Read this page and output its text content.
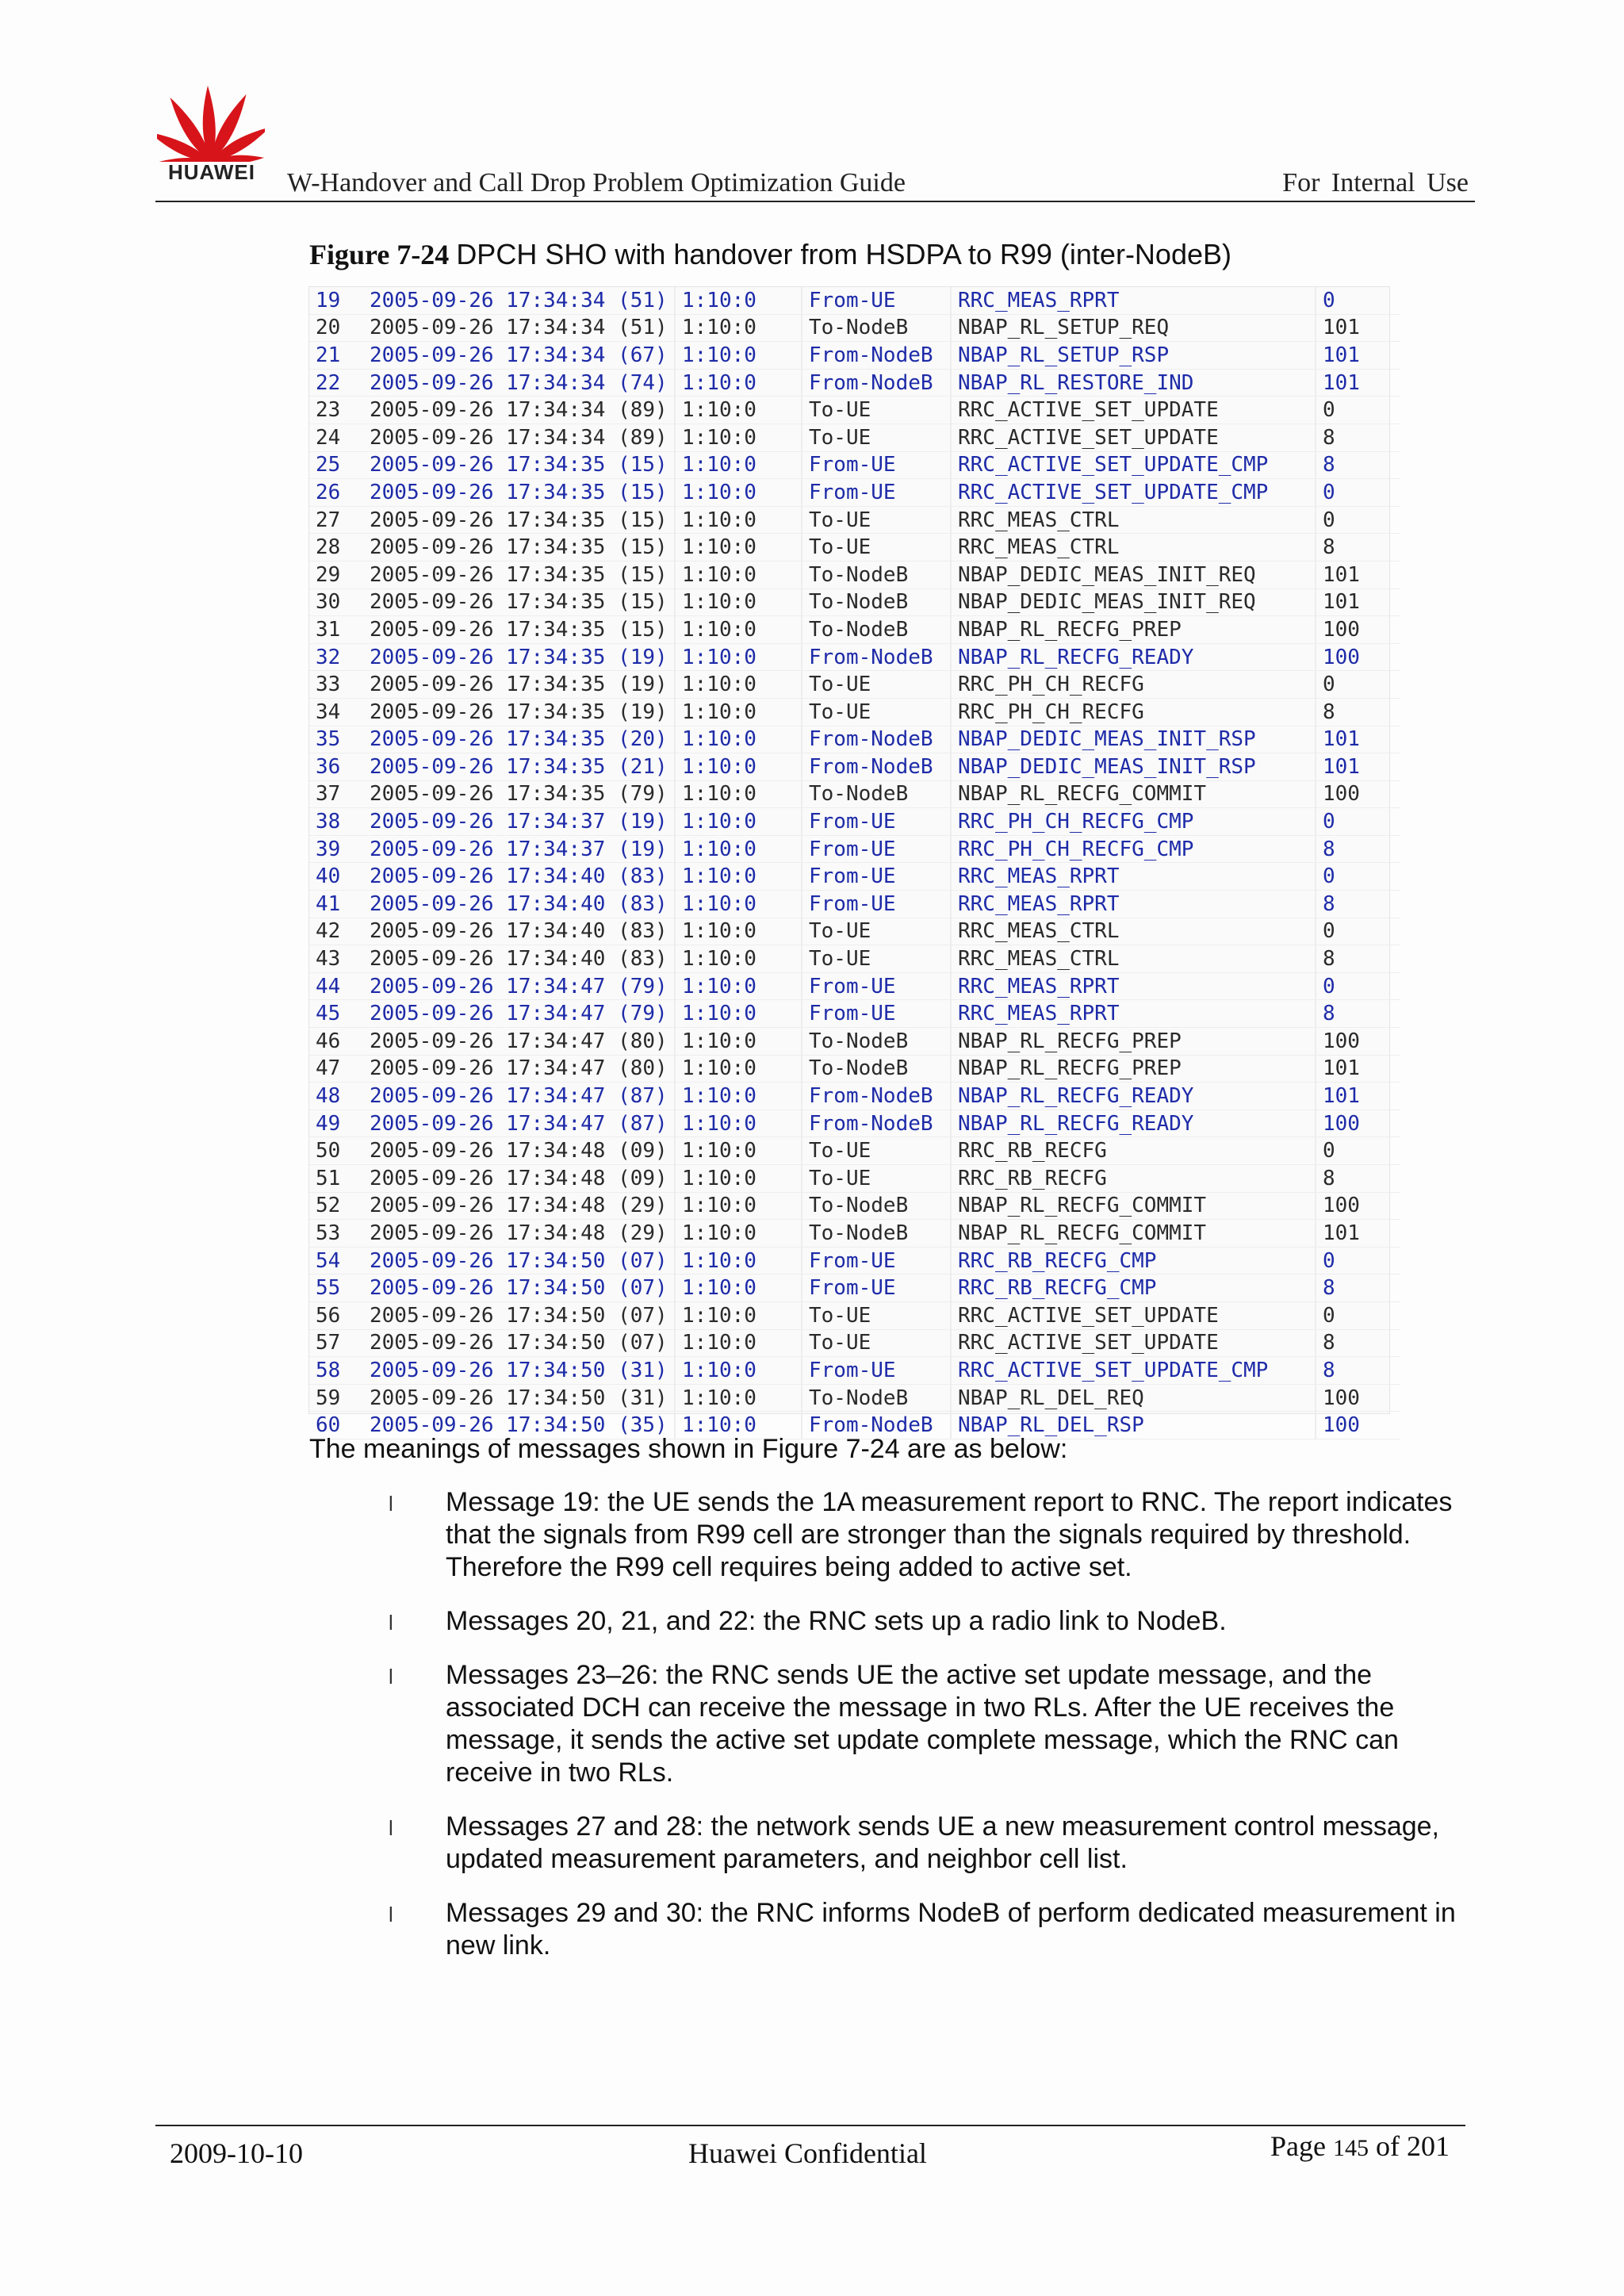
HUAWEI	W-Handover and Call Drop Problem Optimization Guide	For Internal Use
Figure 7-24 DPCH SHO with handover from HSDPA to R99 (inter-NodeB)
19	2005-09-26 17:34:34 (51)	1:10:0	From-UE	RRC_MEAS_RPRT	0
20	2005-09-26 17:34:34 (51)	1:10:0	To-NodeB	NBAP_RL_SETUP_REQ	101
21	2005-09-26 17:34:34 (67)	1:10:0	From-NodeB	NBAP_RL_SETUP_RSP	101
22	2005-09-26 17:34:34 (74)	1:10:0	From-NodeB	NBAP_RL_RESTORE_IND	101
23	2005-09-26 17:34:34 (89)	1:10:0	To-UE	RRC_ACTIVE_SET_UPDATE	0
24	2005-09-26 17:34:34 (89)	1:10:0	To-UE	RRC_ACTIVE_SET_UPDATE	8
25	2005-09-26 17:34:35 (15)	1:10:0	From-UE	RRC_ACTIVE_SET_UPDATE_CMP	8
26	2005-09-26 17:34:35 (15)	1:10:0	From-UE	RRC_ACTIVE_SET_UPDATE_CMP	0
27	2005-09-26 17:34:35 (15)	1:10:0	To-UE	RRC_MEAS_CTRL	0
28	2005-09-26 17:34:35 (15)	1:10:0	To-UE	RRC_MEAS_CTRL	8
29	2005-09-26 17:34:35 (15)	1:10:0	To-NodeB	NBAP_DEDIC_MEAS_INIT_REQ	101
30	2005-09-26 17:34:35 (15)	1:10:0	To-NodeB	NBAP_DEDIC_MEAS_INIT_REQ	101
31	2005-09-26 17:34:35 (15)	1:10:0	To-NodeB	NBAP_RL_RECFG_PREP	100
32	2005-09-26 17:34:35 (19)	1:10:0	From-NodeB	NBAP_RL_RECFG_READY	100
33	2005-09-26 17:34:35 (19)	1:10:0	To-UE	RRC_PH_CH_RECFG	0
34	2005-09-26 17:34:35 (19)	1:10:0	To-UE	RRC_PH_CH_RECFG	8
35	2005-09-26 17:34:35 (20)	1:10:0	From-NodeB	NBAP_DEDIC_MEAS_INIT_RSP	101
36	2005-09-26 17:34:35 (21)	1:10:0	From-NodeB	NBAP_DEDIC_MEAS_INIT_RSP	101
37	2005-09-26 17:34:35 (79)	1:10:0	To-NodeB	NBAP_RL_RECFG_COMMIT	100
38	2005-09-26 17:34:37 (19)	1:10:0	From-UE	RRC_PH_CH_RECFG_CMP	0
39	2005-09-26 17:34:37 (19)	1:10:0	From-UE	RRC_PH_CH_RECFG_CMP	8
40	2005-09-26 17:34:40 (83)	1:10:0	From-UE	RRC_MEAS_RPRT	0
41	2005-09-26 17:34:40 (83)	1:10:0	From-UE	RRC_MEAS_RPRT	8
42	2005-09-26 17:34:40 (83)	1:10:0	To-UE	RRC_MEAS_CTRL	0
43	2005-09-26 17:34:40 (83)	1:10:0	To-UE	RRC_MEAS_CTRL	8
44	2005-09-26 17:34:47 (79)	1:10:0	From-UE	RRC_MEAS_RPRT	0
45	2005-09-26 17:34:47 (79)	1:10:0	From-UE	RRC_MEAS_RPRT	8
46	2005-09-26 17:34:47 (80)	1:10:0	To-NodeB	NBAP_RL_RECFG_PREP	100
47	2005-09-26 17:34:47 (80)	1:10:0	To-NodeB	NBAP_RL_RECFG_PREP	101
48	2005-09-26 17:34:47 (87)	1:10:0	From-NodeB	NBAP_RL_RECFG_READY	101
49	2005-09-26 17:34:47 (87)	1:10:0	From-NodeB	NBAP_RL_RECFG_READY	100
50	2005-09-26 17:34:48 (09)	1:10:0	To-UE	RRC_RB_RECFG	0
51	2005-09-26 17:34:48 (09)	1:10:0	To-UE	RRC_RB_RECFG	8
52	2005-09-26 17:34:48 (29)	1:10:0	To-NodeB	NBAP_RL_RECFG_COMMIT	100
53	2005-09-26 17:34:48 (29)	1:10:0	To-NodeB	NBAP_RL_RECFG_COMMIT	101
54	2005-09-26 17:34:50 (07)	1:10:0	From-UE	RRC_RB_RECFG_CMP	0
55	2005-09-26 17:34:50 (07)	1:10:0	From-UE	RRC_RB_RECFG_CMP	8
56	2005-09-26 17:34:50 (07)	1:10:0	To-UE	RRC_ACTIVE_SET_UPDATE	0
57	2005-09-26 17:34:50 (07)	1:10:0	To-UE	RRC_ACTIVE_SET_UPDATE	8
58	2005-09-26 17:34:50 (31)	1:10:0	From-UE	RRC_ACTIVE_SET_UPDATE_CMP	8
59	2005-09-26 17:34:50 (31)	1:10:0	To-NodeB	NBAP_RL_DEL_REQ	100
60	2005-09-26 17:34:50 (35)	1:10:0	From-NodeB	NBAP_RL_DEL_RSP	100
The meanings of messages shown in Figure 7-24 are as below:
l Message 19: the UE sends the 1A measurement report to RNC. The report indicates that the signals from R99 cell are stronger than the signals required by threshold. Therefore the R99 cell requires being added to active set.
l Messages 20, 21, and 22: the RNC sets up a radio link to NodeB.
l Messages 23–26: the RNC sends UE the active set update message, and the associated DCH can receive the message in two RLs. After the UE receives the message, it sends the active set update complete message, which the RNC can receive in two RLs.
l Messages 27 and 28: the network sends UE a new measurement control message, updated measurement parameters, and neighbor cell list.
l Messages 29 and 30: the RNC informs NodeB of perform dedicated measurement in new link.
2009-10-10	Huawei Confidential	Page 145 of 201
